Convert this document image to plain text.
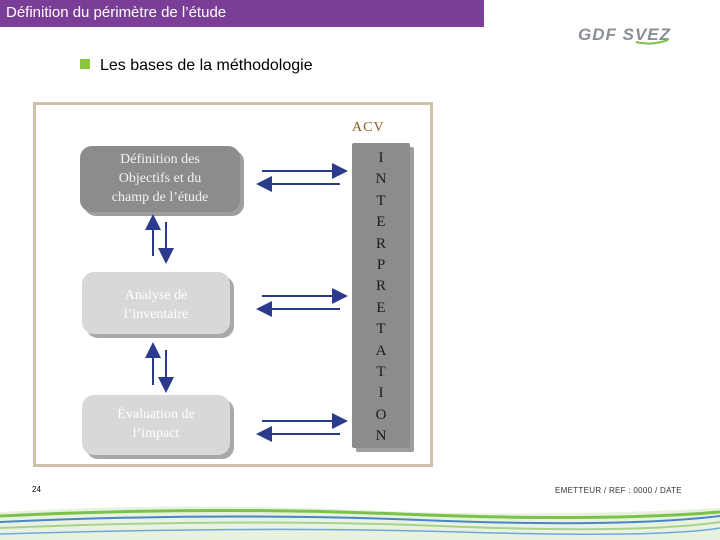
Définition du périmètre de l’étude
GDF SVEZ
Les bases de la méthodologie
ACV
Définition des
Objectifs et du
champ de l’étude
Analyse de
l’inventaire
Évaluation de
l’impact
I
N
T
E
R
P
R
E
T
A
T
I
O
N
24	EMETTEUR / REF : 0000 / DATE
